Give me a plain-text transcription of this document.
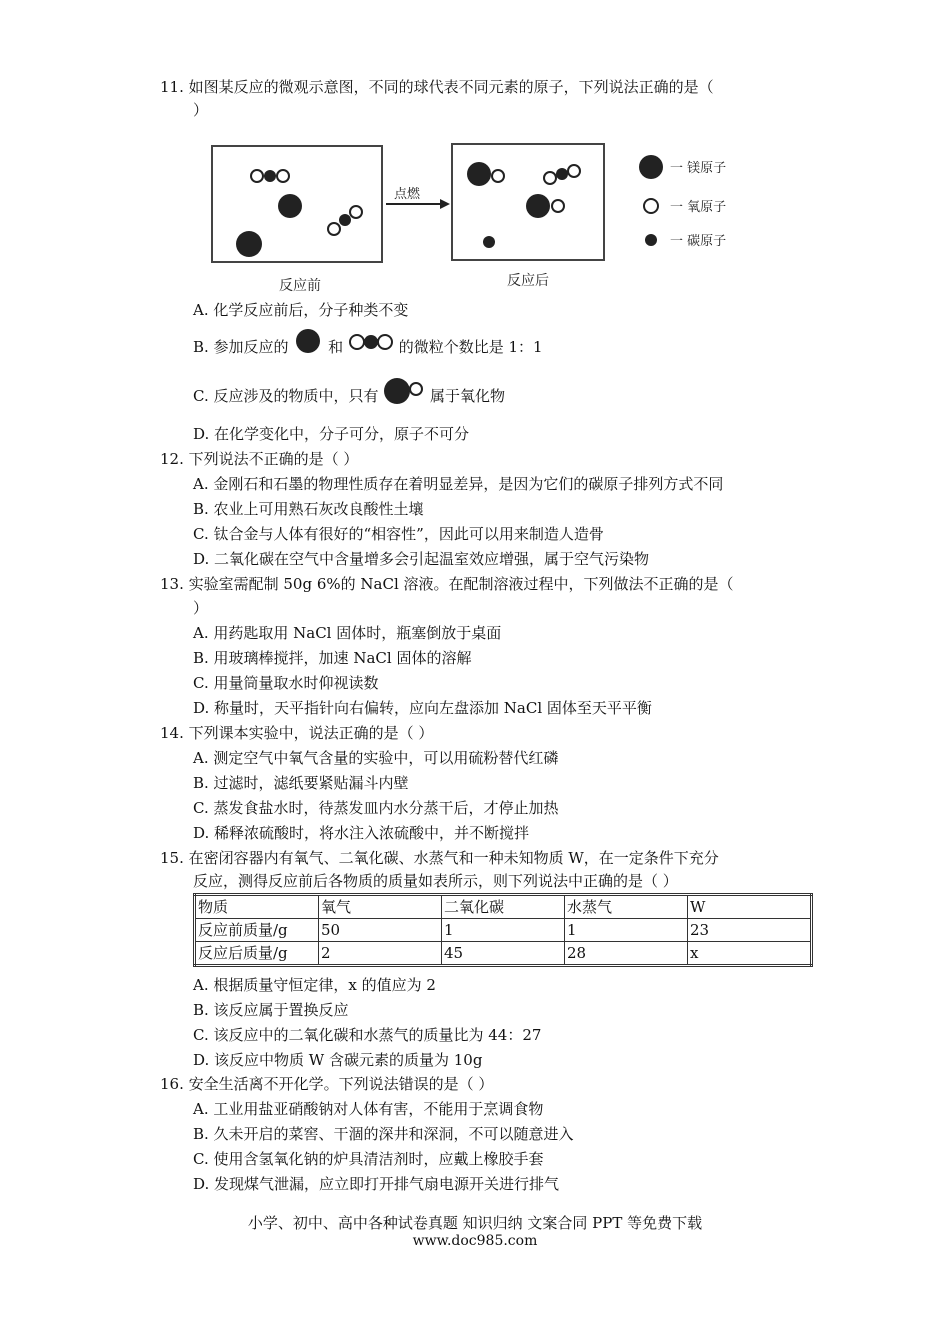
11. 如图某反应的微观示意图，不同的球代表不同元素的原子，下列说法正确的是（
）
点燃
一 镁原子
一 氧原子
一 碳原子
反应前	反应后
A. 化学反应前后，分子种类不变
B. 参加反应的	和	的微粒个数比是 1：1
C. 反应涉及的物质中，只有	属于氧化物
D. 在化学变化中，分子可分，原子不可分
12. 下列说法不正确的是（ ）
A. 金刚石和石墨的物理性质存在着明显差异，是因为它们的碳原子排列方式不同
B. 农业上可用熟石灰改良酸性土壤
C. 钛合金与人体有很好的“相容性”，因此可以用来制造人造骨
D. 二氧化碳在空气中含量增多会引起温室效应增强，属于空气污染物
13. 实验室需配制 50g 6%的 NaCl 溶液。在配制溶液过程中，下列做法不正确的是（
）
A. 用药匙取用 NaCl 固体时，瓶塞倒放于桌面
B. 用玻璃棒搅拌，加速 NaCl 固体的溶解
C. 用量筒量取水时仰视读数
D. 称量时，天平指针向右偏转，应向左盘添加 NaCl 固体至天平平衡
14. 下列课本实验中，说法正确的是（ ）
A. 测定空气中氧气含量的实验中，可以用硫粉替代红磷
B. 过滤时，滤纸要紧贴漏斗内壁
C. 蒸发食盐水时，待蒸发皿内水分蒸干后，才停止加热
D. 稀释浓硫酸时，将水注入浓硫酸中，并不断搅拌
15. 在密闭容器内有氧气、二氧化碳、水蒸气和一种未知物质 W，在一定条件下充分
反应，测得反应前后各物质的质量如表所示，则下列说法中正确的是（ ）
物质	氧气	二氧化碳	水蒸气	W
反应前质量/g	50	1	1	23
反应后质量/g	2	45	28	x
A. 根据质量守恒定律，x 的值应为 2
B. 该反应属于置换反应
C. 该反应中的二氧化碳和水蒸气的质量比为 44：27
D. 该反应中物质 W 含碳元素的质量为 10g
16. 安全生活离不开化学。下列说法错误的是（ ）
A. 工业用盐亚硝酸钠对人体有害，不能用于烹调食物
B. 久未开启的菜窖、干涸的深井和深洞，不可以随意进入
C. 使用含氢氧化钠的炉具清洁剂时，应戴上橡胶手套
D. 发现煤气泄漏，应立即打开排气扇电源开关进行排气
小学、初中、高中各种试卷真题 知识归纳 文案合同 PPT 等免费下载
www.doc985.com
